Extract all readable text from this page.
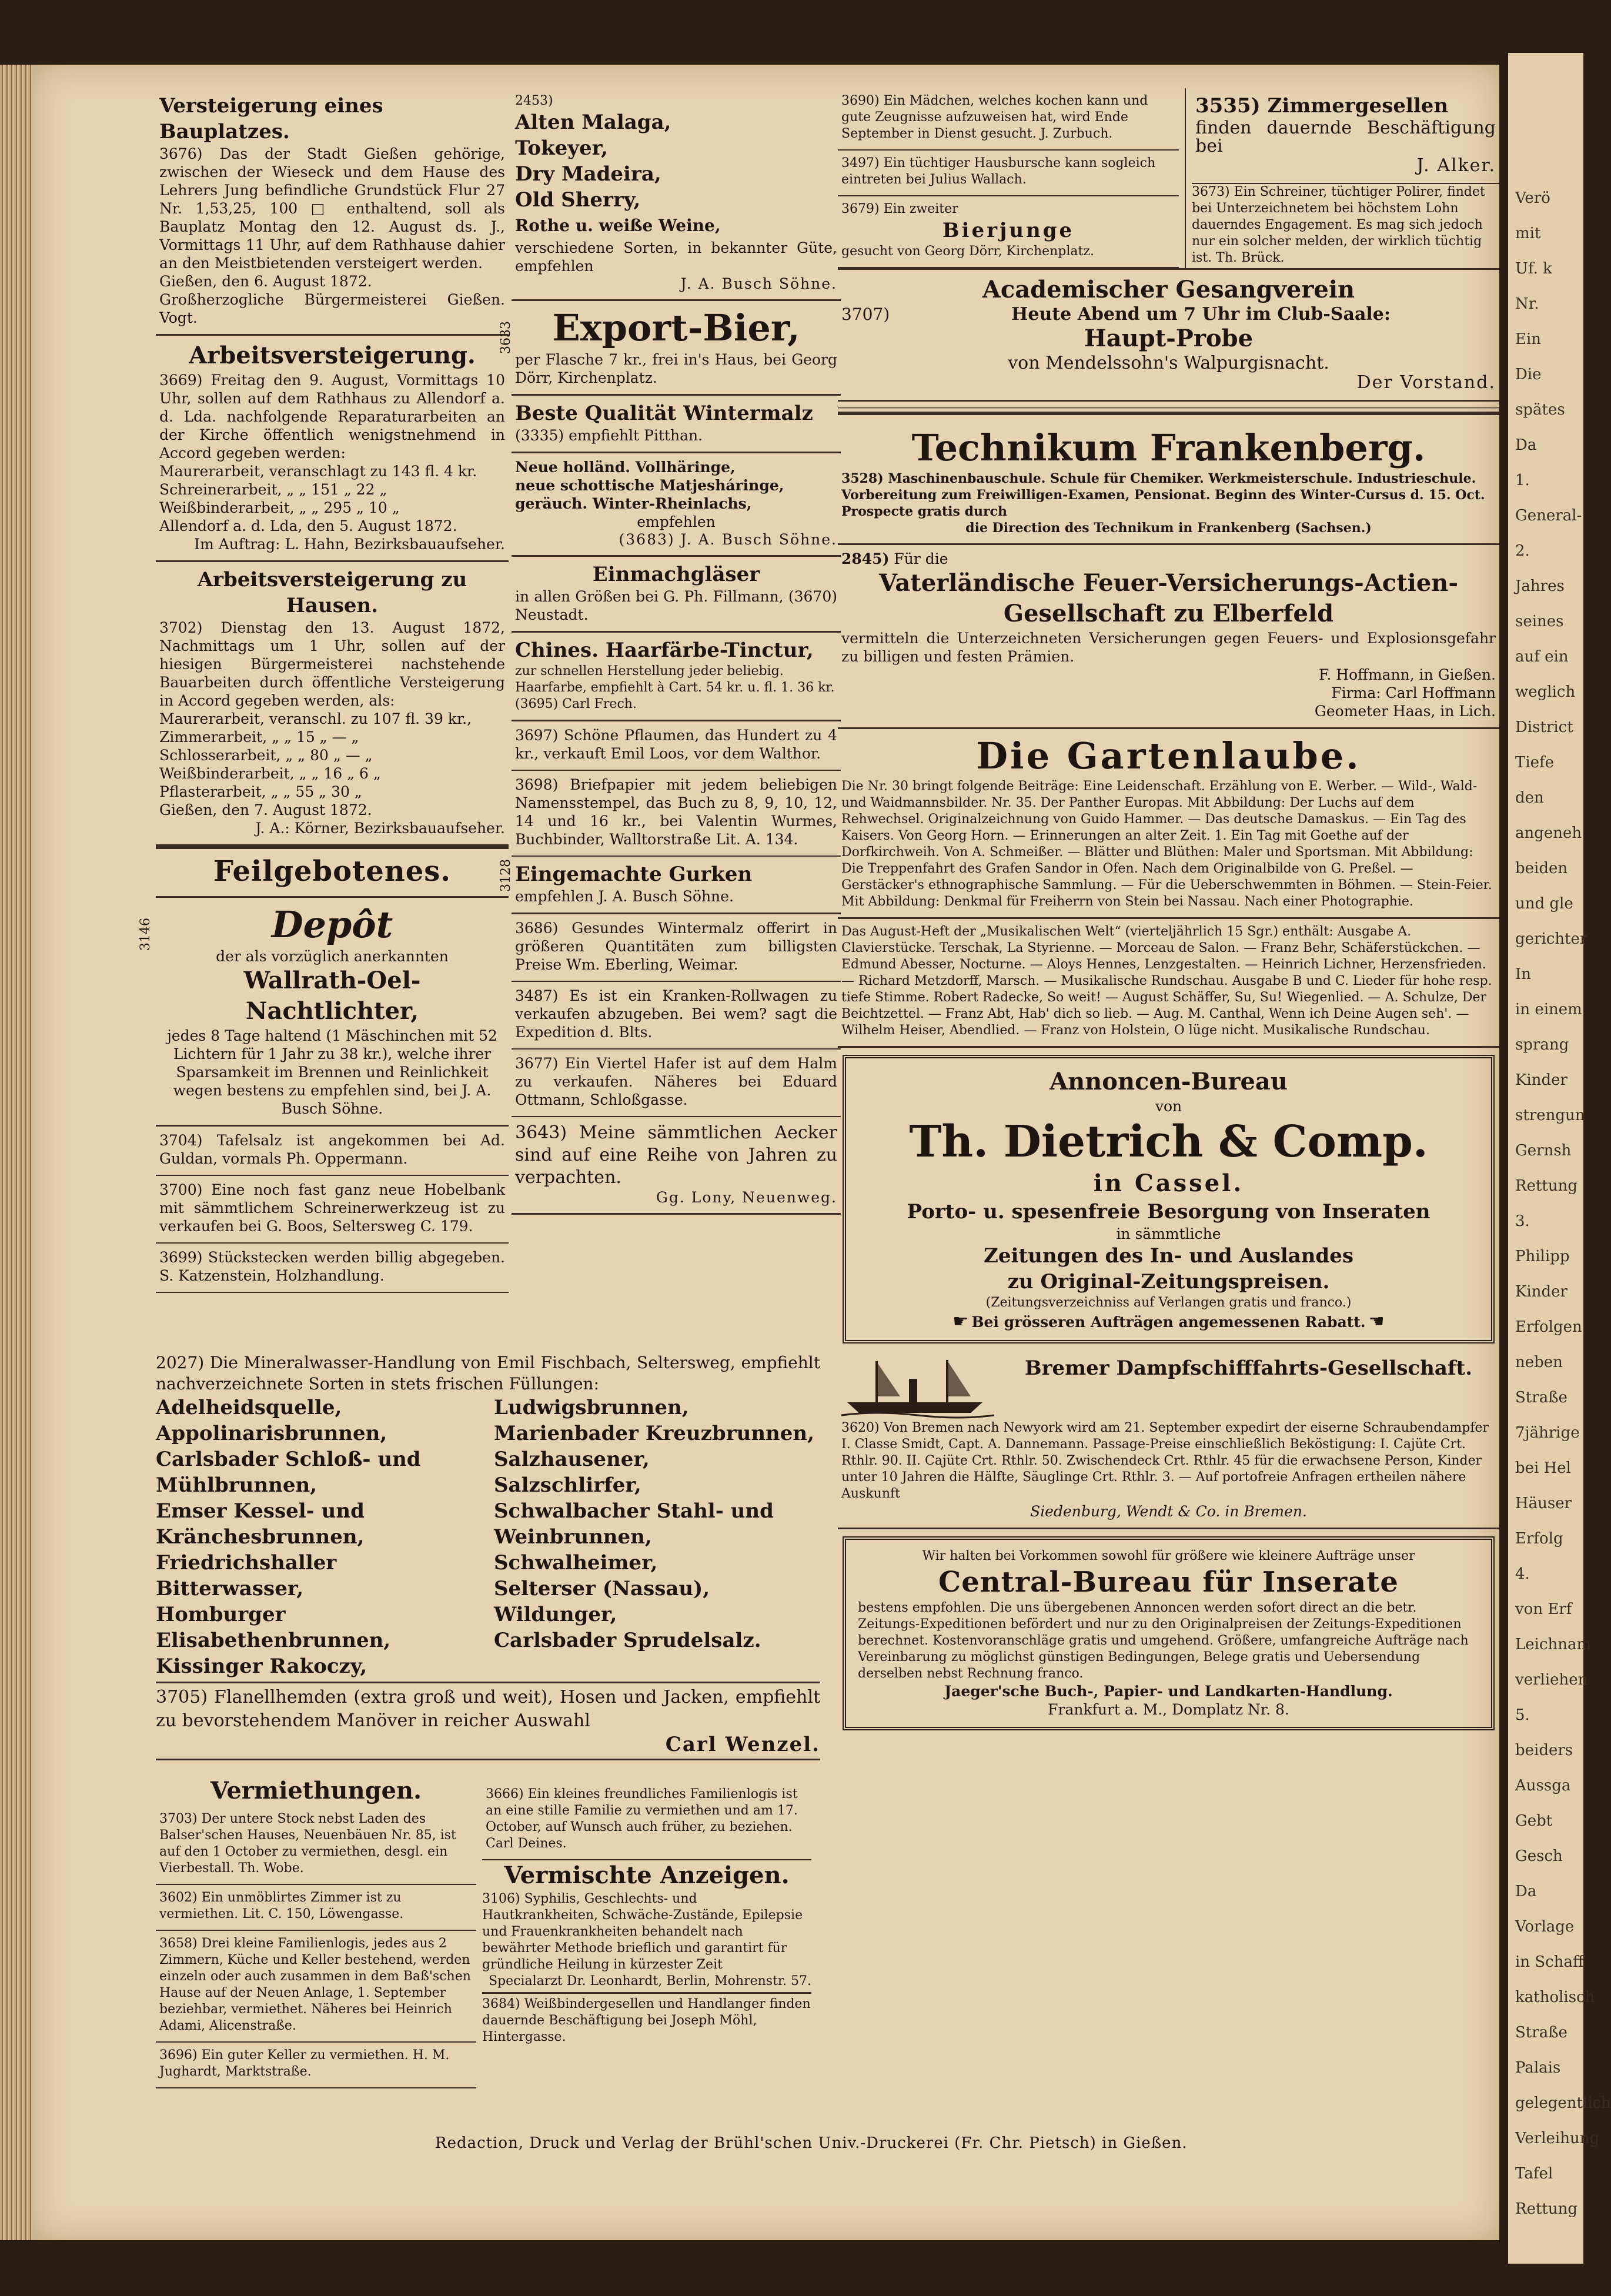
Versteigerung eines Bauplatzes.
3676) Das der Stadt Gießen gehörige, zwischen der Wieseck und dem Hause des Lehrers Jung befindliche Grundstück Flur 27 Nr. 1,53,25, 100 □ enthaltend, soll als Bauplatz Montag den 12. August ds. J., Vormittags 11 Uhr, auf dem Rathhause dahier an den Meistbietenden versteigert werden.
Gießen, den 6. August 1872.
Großherzogliche Bürgermeisterei Gießen. Vogt.
Arbeitsversteigerung.
3669) Freitag den 9. August, Vormittags 10 Uhr, sollen auf dem Rathhaus zu Allendorf a. d. Lda. nachfolgende Reparaturarbeiten an der Kirche öffentlich wenigstnehmend in Accord gegeben werden:
Maurerarbeit, veranschlagt zu 143 fl. 4 kr.
Schreinerarbeit, „ „ 151 „ 22 „
Weißbinderarbeit, „ „ 295 „ 10 „
Allendorf a. d. Lda, den 5. August 1872.
Im Auftrag: L. Hahn, Bezirksbauaufseher.
Arbeitsversteigerung zu Hausen.
3702) Dienstag den 13. August 1872, Nachmittags um 1 Uhr, sollen auf der hiesigen Bürgermeisterei nachstehende Bauarbeiten durch öffentliche Versteigerung in Accord gegeben werden, als:
Maurerarbeit, veranschl. zu 107 fl. 39 kr.,
Zimmerarbeit, „ „ 15 „ — „
Schlosserarbeit, „ „ 80 „ — „
Weißbinderarbeit, „ „ 16 „ 6 „
Pflasterarbeit, „ „ 55 „ 30 „
Gießen, den 7. August 1872.
J. A.: Körner, Bezirksbauaufseher.
Feilgebotenes.
3146	Depôt
der als vorzüglich anerkannten
Wallrath-Oel-Nachtlichter,
jedes 8 Tage haltend (1 Mäschinchen mit 52 Lichtern für 1 Jahr zu 38 kr.), welche ihrer Sparsamkeit im Brennen und Reinlichkeit wegen bestens zu empfehlen sind, bei J. A. Busch Söhne.
3704) Tafelsalz ist angekommen bei Ad. Guldan, vormals Ph. Oppermann.
3700) Eine noch fast ganz neue Hobelbank mit sämmtlichem Schreinerwerkzeug ist zu verkaufen bei G. Boos, Seltersweg C. 179.
3699) Stückstecken werden billig abgegeben. S. Katzenstein, Holzhandlung.
2453)
Alten Malaga,
Tokeyer,
Dry Madeira,
Old Sherry,
Rothe u. weiße Weine,
verschiedene Sorten, in bekannter Güte, empfehlen
J. A. Busch Söhne.
3633	Export-Bier,
per Flasche 7 kr., frei in's Haus, bei Georg Dörr, Kirchenplatz.
Beste Qualität Wintermalz
(3335) empfiehlt Pitthan.
Neue holländ. Vollhäringe,
neue schottische Matjesháringe,
geräuch. Winter-Rheinlachs,
empfehlen
(3683) J. A. Busch Söhne.
Einmachgläser
in allen Größen bei G. Ph. Fillmann, (3670) Neustadt.
Chines. Haarfärbe-Tinctur,
zur schnellen Herstellung jeder beliebig. Haarfarbe, empfiehlt à Cart. 54 kr. u. fl. 1. 36 kr. (3695) Carl Frech.
3697) Schöne Pflaumen, das Hundert zu 4 kr., verkauft Emil Loos, vor dem Walthor.
3698) Briefpapier mit jedem beliebigen Namensstempel, das Buch zu 8, 9, 10, 12, 14 und 16 kr., bei Valentin Wurmes, Buchbinder, Walltorstraße Lit. A. 134.
3128 Eingemachte Gurken
empfehlen J. A. Busch Söhne.
3686) Gesundes Wintermalz offerirt in größeren Quantitäten zum billigsten Preise Wm. Eberling, Weimar.
3487) Es ist ein Kranken-Rollwagen zu verkaufen abzugeben. Bei wem? sagt die Expedition d. Blts.
3677) Ein Viertel Hafer ist auf dem Halm zu verkaufen. Näheres bei Eduard Ottmann, Schloßgasse.
3643) Meine sämmtlichen Aecker sind auf eine Reihe von Jahren zu verpachten.
Gg. Lony, Neuenweg.
2027) Die Mineralwasser-Handlung von Emil Fischbach, Seltersweg, empfiehlt nachverzeichnete Sorten in stets frischen Füllungen:
Adelheidsquelle,
Appolinarisbrunnen,
Carlsbader Schloß- und Mühlbrunnen,
Emser Kessel- und Kränchesbrunnen,
Friedrichshaller Bitterwasser,
Homburger Elisabethenbrunnen,
Kissinger Rakoczy,
Ludwigsbrunnen,
Marienbader Kreuzbrunnen,
Salzhausener,
Salzschlirfer,
Schwalbacher Stahl- und Weinbrunnen,
Schwalheimer,
Selterser (Nassau),
Wildunger,
Carlsbader Sprudelsalz.
3705) Flanellhemden (extra groß und weit), Hosen und Jacken, empfiehlt zu bevorstehendem Manöver in reicher Auswahl
Carl Wenzel.
Vermiethungen.
3703) Der untere Stock nebst Laden des Balser'schen Hauses, Neuenbäuen Nr. 85, ist auf den 1 October zu vermiethen, desgl. ein Vierbestall. Th. Wobe.
3602) Ein unmöblirtes Zimmer ist zu vermiethen. Lit. C. 150, Löwengasse.
3658) Drei kleine Familienlogis, jedes aus 2 Zimmern, Küche und Keller bestehend, werden einzeln oder auch zusammen in dem Baß'schen Hause auf der Neuen Anlage, 1. September beziehbar, vermiethet. Näheres bei Heinrich Adami, Alicenstraße.
3696) Ein guter Keller zu vermiethen. H. M. Jughardt, Marktstraße.
3666) Ein kleines freundliches Familienlogis ist an eine stille Familie zu vermiethen und am 17. October, auf Wunsch auch früher, zu beziehen. Carl Deines.
Vermischte Anzeigen.
3106) Syphilis, Geschlechts- und Hautkrankheiten, Schwäche-Zustände, Epilepsie und Frauenkrankheiten behandelt nach bewährter Methode brieflich und garantirt für gründliche Heilung in kürzester Zeit
Specialarzt Dr. Leonhardt, Berlin, Mohrenstr. 57.
3684) Weißbindergesellen und Handlanger finden dauernde Beschäftigung bei Joseph Möhl, Hintergasse.
3690) Ein Mädchen, welches kochen kann und gute Zeugnisse aufzuweisen hat, wird Ende September in Dienst gesucht. J. Zurbuch.
3497) Ein tüchtiger Hausbursche kann sogleich eintreten bei Julius Wallach.
3679) Ein zweiter
Bierjunge
gesucht von Georg Dörr, Kirchenplatz.
3535) Zimmergesellen
finden dauernde Beschäftigung bei
J. Alker.
3673) Ein Schreiner, tüchtiger Polirer, findet bei Unterzeichnetem bei höchstem Lohn dauerndes Engagement. Es mag sich jedoch nur ein solcher melden, der wirklich tüchtig ist. Th. Brück.
Academischer Gesangverein
3707)	Heute Abend um 7 Uhr im Club-Saale:
Haupt-Probe
von Mendelssohn's Walpurgisnacht.
Der Vorstand.
Technikum Frankenberg.
3528) Maschinenbauschule. Schule für Chemiker. Werkmeisterschule. Industrieschule. Vorbereitung zum Freiwilligen-Examen, Pensionat. Beginn des Winter-Cursus d. 15. Oct. Prospecte gratis durch
die Direction des Technikum in Frankenberg (Sachsen.)
2845) Für die
Vaterländische Feuer-Versicherungs-Actien-Gesellschaft zu Elberfeld
vermitteln die Unterzeichneten Versicherungen gegen Feuers- und Explosionsgefahr zu billigen und festen Prämien.
F. Hoffmann, in Gießen.
Firma: Carl Hoffmann
Geometer Haas, in Lich.
Die Gartenlaube.
Die Nr. 30 bringt folgende Beiträge: Eine Leidenschaft. Erzählung von E. Werber. — Wild-, Wald- und Waidmannsbilder. Nr. 35. Der Panther Europas. Mit Abbildung: Der Luchs auf dem Rehwechsel. Originalzeichnung von Guido Hammer. — Das deutsche Damaskus. — Ein Tag des Kaisers. Von Georg Horn. — Erinnerungen an alter Zeit. 1. Ein Tag mit Goethe auf der Dorfkirchweih. Von A. Schmeißer. — Blätter und Blüthen: Maler und Sportsman. Mit Abbildung: Die Treppenfahrt des Grafen Sandor in Ofen. Nach dem Originalbilde von G. Preßel. — Gerstäcker's ethnographische Sammlung. — Für die Ueberschwemmten in Böhmen. — Stein-Feier. Mit Abbildung: Denkmal für Freiherrn von Stein bei Nassau. Nach einer Photographie.
Das August-Heft der „Musikalischen Welt“ (vierteljährlich 15 Sgr.) enthält: Ausgabe A. Clavierstücke. Terschak, La Styrienne. — Morceau de Salon. — Franz Behr, Schäferstückchen. — Edmund Abesser, Nocturne. — Aloys Hennes, Lenzgestalten. — Heinrich Lichner, Herzensfrieden. — Richard Metzdorff, Marsch. — Musikalische Rundschau. Ausgabe B und C. Lieder für hohe resp. tiefe Stimme. Robert Radecke, So weit! — August Schäffer, Su, Su! Wiegenlied. — A. Schulze, Der Beichtzettel. — Franz Abt, Hab' dich so lieb. — Aug. M. Canthal, Wenn ich Deine Augen seh'. — Wilhelm Heiser, Abendlied. — Franz von Holstein, O lüge nicht. Musikalische Rundschau.
Annoncen-Bureau
von
Th. Dietrich & Comp.
in Cassel.
Porto- u. spesenfreie Besorgung von Inseraten
in sämmtliche
Zeitungen des In- und Auslandes
zu Original-Zeitungspreisen.
(Zeitungsverzeichniss auf Verlangen gratis und franco.)
☛ Bei grösseren Aufträgen angemessenen Rabatt. ☚
Bremer Dampfschifffahrts-Gesellschaft.
3620) Von Bremen nach Newyork wird am 21. September expedirt der eiserne Schraubendampfer I. Classe Smidt, Capt. A. Dannemann. Passage-Preise einschließlich Beköstigung: I. Cajüte Crt. Rthlr. 90. II. Cajüte Crt. Rthlr. 50. Zwischendeck Crt. Rthlr. 45 für die erwachsene Person, Kinder unter 10 Jahren die Hälfte, Säuglinge Crt. Rthlr. 3. — Auf portofreie Anfragen ertheilen nähere Auskunft
Siedenburg, Wendt & Co. in Bremen.
Wir halten bei Vorkommen sowohl für größere wie kleinere Aufträge unser
Central-Bureau für Inserate
bestens empfohlen. Die uns übergebenen Annoncen werden sofort direct an die betr. Zeitungs-Expeditionen befördert und nur zu den Originalpreisen der Zeitungs-Expeditionen berechnet. Kostenvoranschläge gratis und umgehend. Größere, umfangreiche Aufträge nach Vereinbarung zu möglichst günstigen Bedingungen, Belege gratis und Uebersendung derselben nebst Rechnung franco.
Jaeger'sche Buch-, Papier- und Landkarten-Handlung.
Frankfurt a. M., Domplatz Nr. 8.
Redaction, Druck und Verlag der Brühl'schen Univ.-Druckerei (Fr. Chr. Pietsch) in Gießen.
Verö
mit
Uf. k
Nr.
Ein
Die
spätes
Da
1.
General-
2.
Jahres
seines
auf ein
weglich
District
Tiefe
den
angeneh
beiden
und gle
gerichter
In
in einem
sprang
Kinder
strengun
Gernsh
Rettung
3.
Philipp
Kinder
Erfolgen
neben
Straße
7jährige
bei Hel
Häuser
Erfolg
4.
von Erf
Leichnam
verliehen
5.
beiders
Aussga
Gebt
Gesch
Da
Vorlage
in Schaff
katholisch
Straße
Palais
gelegentlich
Verleihung
Tafel
Rettung
